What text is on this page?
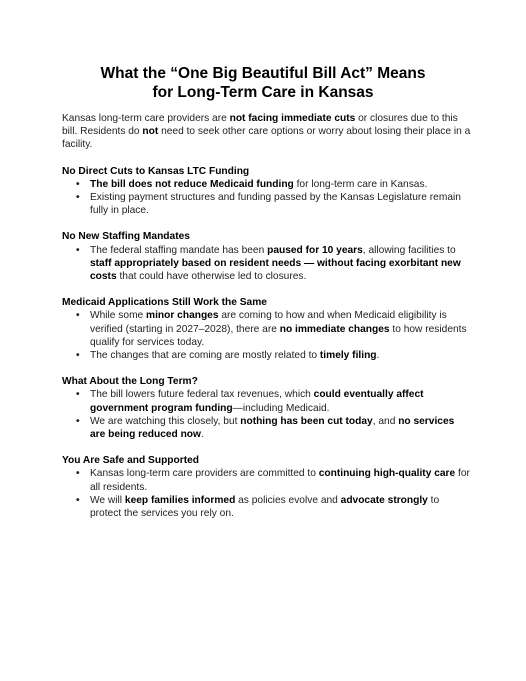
What the “One Big Beautiful Bill Act” Means
for Long-Term Care in Kansas

Kansas long-term care providers are not facing immediate cuts or closures due to this bill. Residents do not need to seek other care options or worry about losing their place in a facility.

No Direct Cuts to Kansas LTC Funding

• The bill does not reduce Medicaid funding for long-term care in Kansas.
• Existing payment structures and funding passed by the Kansas Legislature remain fully in place.

No New Staffing Mandates

• The federal staffing mandate has been paused for 10 years, allowing facilities to staff appropriately based on resident needs — without facing exorbitant new costs that could have otherwise led to closures.

Medicaid Applications Still Work the Same

• While some minor changes are coming to how and when Medicaid eligibility is verified (starting in 2027–2028), there are no immediate changes to how residents qualify for services today.
• The changes that are coming are mostly related to timely filing.

What About the Long Term?

• The bill lowers future federal tax revenues, which could eventually affect government program funding—including Medicaid.
• We are watching this closely, but nothing has been cut today, and no services are being reduced now.

You Are Safe and Supported

• Kansas long-term care providers are committed to continuing high-quality care for all residents.
• We will keep families informed as policies evolve and advocate strongly to protect the services you rely on.
